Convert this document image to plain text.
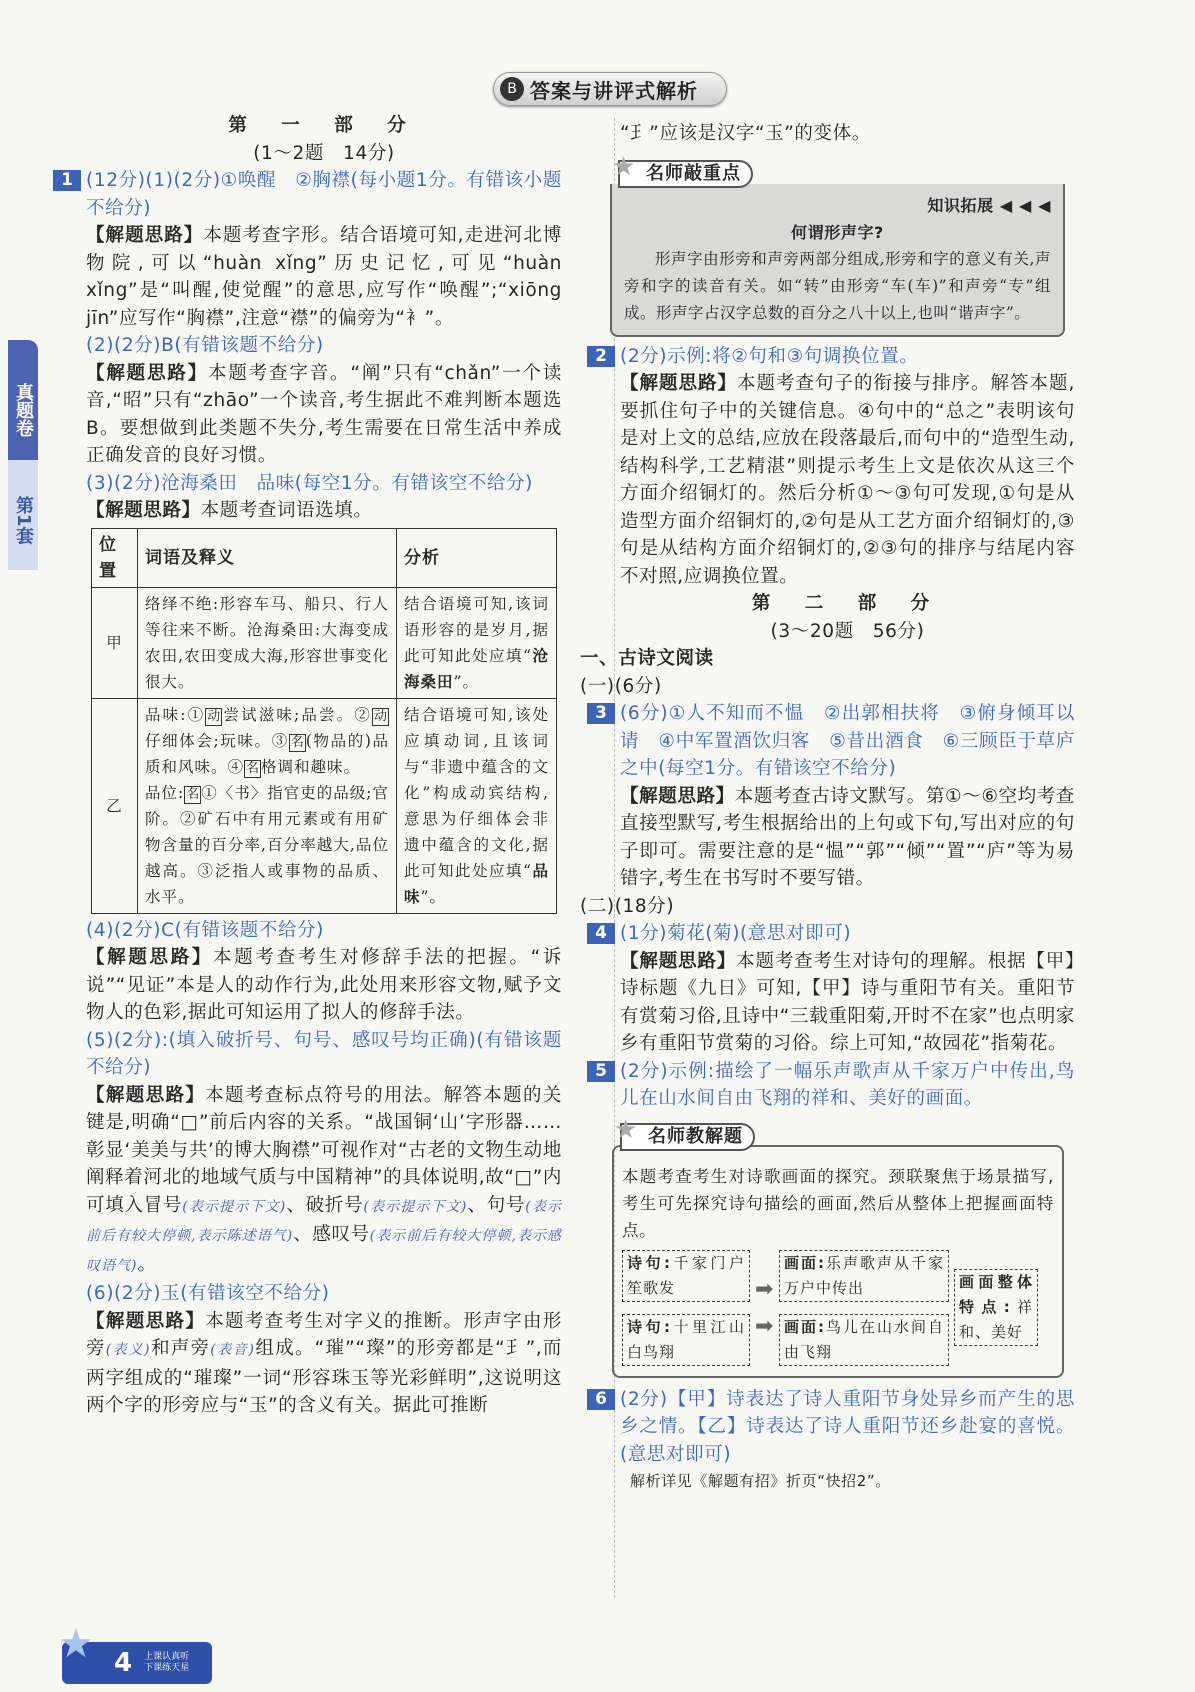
B 答案与讲评式解析
真题卷
第1套
第 一 部 分
(1～2题　14分)
1 (12分)(1)(2分)①唤醒　②胸襟(每小题1分。有错该小题不给分)
【解题思路】本题考查字形。结合语境可知,走进河北博物院,可以“huàn xǐng”历史记忆,可见“huàn xǐng”是“叫醒,使觉醒”的意思,应写作“唤醒”;“xiōng jīn”应写作“胸襟”,注意“襟”的偏旁为“衤”。
(2)(2分)B(有错该题不给分)
【解题思路】本题考查字音。“阐”只有“chǎn”一个读音,“昭”只有“zhāo”一个读音,考生据此不难判断本题选B。要想做到此类题不失分,考生需要在日常生活中养成正确发音的良好习惯。
(3)(2分)沧海桑田　品味(每空1分。有错该空不给分)
【解题思路】本题考查词语选填。
位置	词语及释义	分析
甲	络绎不绝:形容车马、船只、行人等往来不断。沧海桑田:大海变成农田,农田变成大海,形容世事变化很大。	结合语境可知,该词语形容的是岁月,据此可知此处应填“沧海桑田”。
乙	品味:① 动 尝试滋味;品尝。② 动仔细体会;玩味。③ 名 (物品的)品质和风味。④ 名 格调和趣味。
品位: 名 ①〈书〉指官吏的品级;官阶。②矿石中有用元素或有用矿物含量的百分率,百分率越大,品位越高。③泛指人或事物的品质、水平。	结合语境可知,该处应填动词,且该词与“非遗中蕴含的文化”构成动宾结构,意思为仔细体会非遗中蕴含的文化,据此可知此处应填“品味”。
(4)(2分)C(有错该题不给分)
【解题思路】本题考查考生对修辞手法的把握。“诉说”“见证”本是人的动作行为,此处用来形容文物,赋予文物人的色彩,据此可知运用了拟人的修辞手法。
(5)(2分):(填入破折号、句号、感叹号均正确)(有错该题不给分)
【解题思路】本题考查标点符号的用法。解答本题的关键是,明确“□”前后内容的关系。“战国铜‘山’字形器……彰显‘美美与共’的博大胸襟”可视作对“古老的文物生动地阐释着河北的地域气质与中国精神”的具体说明,故“□”内可填入冒号(表示提示下文)、破折号(表示提示下文)、句号(表示前后有较大停顿,表示陈述语气)、感叹号(表示前后有较大停顿,表示感叹语气)。
(6)(2分)玉(有错该空不给分)
【解题思路】本题考查考生对字义的推断。形声字由形旁(表义)和声旁(表音)组成。“璀”“璨”的形旁都是“𤣩”,而两字组成的“璀璨”一词“形容珠玉等光彩鲜明”,这说明这两个字的形旁应与“玉”的含义有关。据此可推断
“𤣩”应该是汉字“玉”的变体。
★ 名师敲重点
知识拓展 ◀ ◀ ◀
何谓形声字?
形声字由形旁和声旁两部分组成,形旁和字的意义有关,声旁和字的读音有关。如“转”由形旁“车(车)”和声旁“专”组成。形声字占汉字总数的百分之八十以上,也叫“谐声字”。
2 (2分)示例:将②句和③句调换位置。
【解题思路】本题考查句子的衔接与排序。解答本题,要抓住句子中的关键信息。④句中的“总之”表明该句是对上文的总结,应放在段落最后,而句中的“造型生动,结构科学,工艺精湛”则提示考生上文是依次从这三个方面介绍铜灯的。然后分析①～③句可发现,①句是从造型方面介绍铜灯的,②句是从工艺方面介绍铜灯的,③句是从结构方面介绍铜灯的,②③句的排序与结尾内容不对照,应调换位置。
第 二 部 分
(3～20题　56分)
一、古诗文阅读
(一)(6分)
3 (6分)①人不知而不愠　②出郭相扶将　③俯身倾耳以请　④中军置酒饮归客　⑤昔出酒食　⑥三顾臣于草庐之中(每空1分。有错该空不给分)
【解题思路】本题考查古诗文默写。第①～⑥空均考查直接型默写,考生根据给出的上句或下句,写出对应的句子即可。需要注意的是“愠”“郭”“倾”“置”“庐”等为易错字,考生在书写时不要写错。
(二)(18分)
4 (1分)菊花(菊)(意思对即可)
【解题思路】本题考查考生对诗句的理解。根据【甲】诗标题《九日》可知,【甲】诗与重阳节有关。重阳节有赏菊习俗,且诗中“三载重阳菊,开时不在家”也点明家乡有重阳节赏菊的习俗。综上可知,“故园花”指菊花。
5 (2分)示例:描绘了一幅乐声歌声从千家万户中传出,鸟儿在山水间自由飞翔的祥和、美好的画面。
★ 名师教解题
本题考查考生对诗歌画面的探究。颈联聚焦于场景描写,考生可先探究诗句描绘的画面,然后从整体上把握画面特点。
诗句:千家门户笙歌发
诗句:十里江山白鸟翔
➡
➡
画面:乐声歌声从千家万户中传出
画面:鸟儿在山水间自由飞翔
画面整体特点:祥和、美好
6 (2分)【甲】诗表达了诗人重阳节身处异乡而产生的思乡之情。【乙】诗表达了诗人重阳节还乡赴宴的喜悦。(意思对即可)
解析详见《解题有招》折页“快招2”。
★ 4 上课认真听
下课练天星
